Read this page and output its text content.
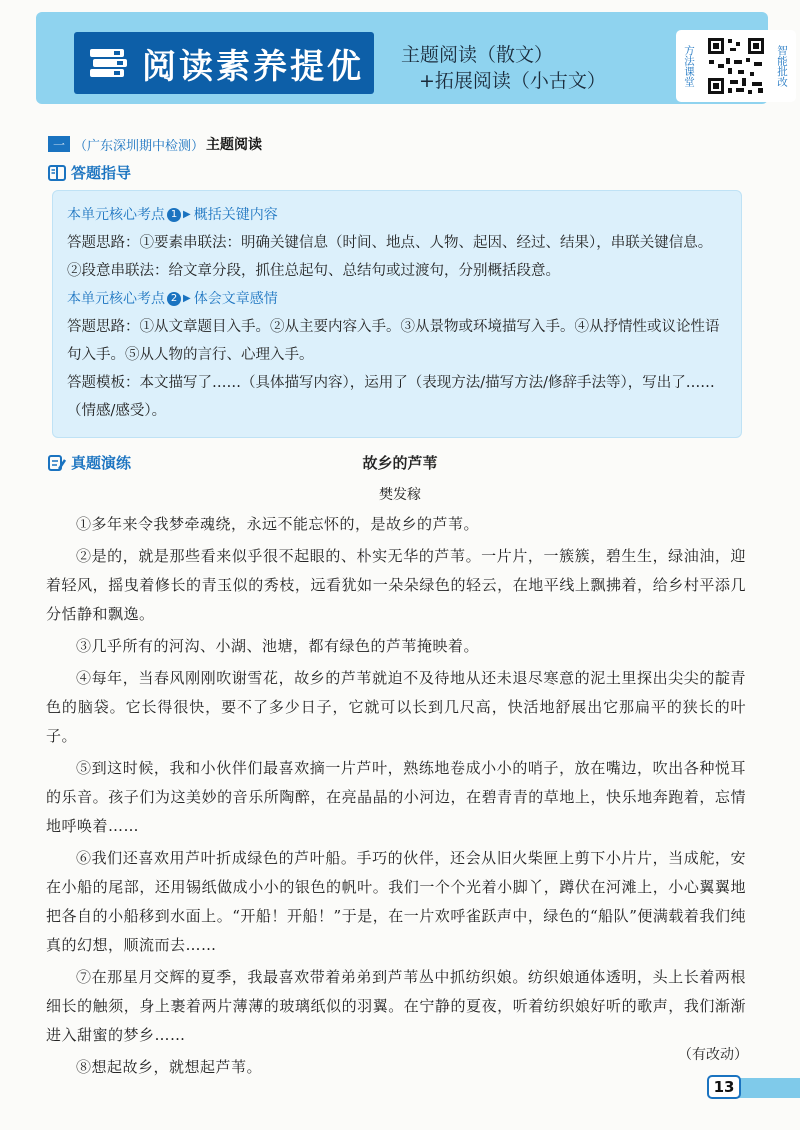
阅读素养提优 主题阅读（散文）
+拓展阅读（小古文）	方法课堂	智能批改
一 （广东深圳期中检测） 主题阅读
答题指导
本单元核心考点 1 ▶ 概括关键内容

答题思路：①要素串联法：明确关键信息（时间、地点、人物、起因、经过、结果），串联关键信息。

②段意串联法：给文章分段，抓住总起句、总结句或过渡句，分别概括段意。

本单元核心考点 2 ▶ 体会文章感情

答题思路：①从文章题目入手。②从主要内容入手。③从景物或环境描写入手。④从抒情性或议论性语句入手。⑤从人物的言行、心理入手。

答题模板：本文描写了……（具体描写内容），运用了（表现方法/描写方法/修辞手法等），写出了……（情感/感受）。

真题演练	故乡的芦苇
樊发稼

①多年来令我梦牵魂绕，永远不能忘怀的，是故乡的芦苇。

②是的，就是那些看来似乎很不起眼的、朴实无华的芦苇。一片片，一簇簇，碧生生，绿油油，迎着轻风，摇曳着修长的青玉似的秀枝，远看犹如一朵朵绿色的轻云，在地平线上飘拂着，给乡村平添几分恬静和飘逸。

③几乎所有的河沟、小湖、池塘，都有绿色的芦苇掩映着。

④每年，当春风刚刚吹谢雪花，故乡的芦苇就迫不及待地从还未退尽寒意的泥土里探出尖尖的靛青色的脑袋。它长得很快，要不了多少日子，它就可以长到几尺高，快活地舒展出它那扁平的狭长的叶子。

⑤到这时候，我和小伙伴们最喜欢摘一片芦叶，熟练地卷成小小的哨子，放在嘴边，吹出各种悦耳的乐音。孩子们为这美妙的音乐所陶醉，在亮晶晶的小河边，在碧青青的草地上，快乐地奔跑着，忘情地呼唤着……

⑥我们还喜欢用芦叶折成绿色的芦叶船。手巧的伙伴，还会从旧火柴匣上剪下小片片，当成舵，安在小船的尾部，还用锡纸做成小小的银色的帆叶。我们一个个光着小脚丫，蹲伏在河滩上，小心翼翼地把各自的小船移到水面上。“开船！开船！”于是，在一片欢呼雀跃声中，绿色的“船队”便满载着我们纯真的幻想，顺流而去……

⑦在那星月交辉的夏季，我最喜欢带着弟弟到芦苇丛中抓纺织娘。纺织娘通体透明，头上长着两根细长的触须，身上裹着两片薄薄的玻璃纸似的羽翼。在宁静的夏夜，听着纺织娘好听的歌声，我们渐渐进入甜蜜的梦乡……

⑧想起故乡，就想起芦苇。

（有改动）
13
